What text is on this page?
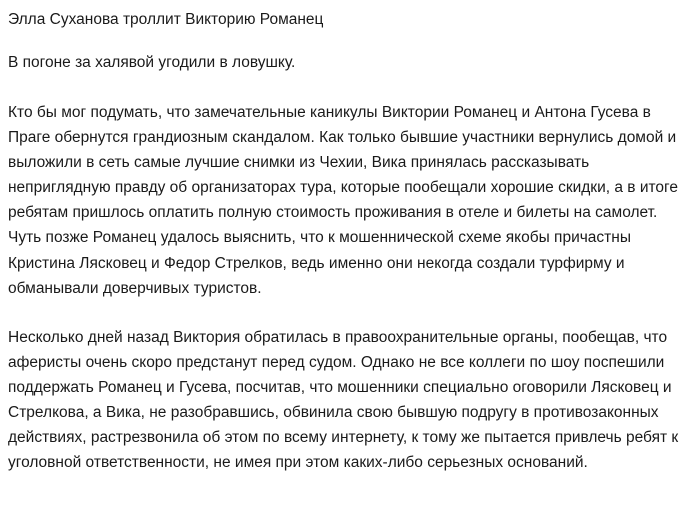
Элла Суханова троллит Викторию Романец

В погоне за халявой угодили в ловушку.

Кто бы мог подумать, что замечательные каникулы Виктории Романец и Антона Гусева в Праге обернутся грандиозным скандалом. Как только бывшие участники вернулись домой и выложили в сеть самые лучшие снимки из Чехии, Вика принялась рассказывать неприглядную правду об организаторах тура, которые пообещали хорошие скидки, а в итоге ребятам пришлось оплатить полную стоимость проживания в отеле и билеты на самолет. Чуть позже Романец удалось выяснить, что к мошеннической схеме якобы причастны Кристина Лясковец и Федор Стрелков, ведь именно они некогда создали турфирму и обманывали доверчивых туристов.

Несколько дней назад Виктория обратилась в правоохранительные органы, пообещав, что аферисты очень скоро предстанут перед судом. Однако не все коллеги по шоу поспешили поддержать Романец и Гусева, посчитав, что мошенники специально оговорили Лясковец и Стрелкова, а Вика, не разобравшись, обвинила свою бывшую подругу в противозаконных действиях, растрезвонила об этом по всему интернету, к тому же пытается привлечь ребят к уголовной ответственности, не имея при этом каких-либо серьезных оснований.
